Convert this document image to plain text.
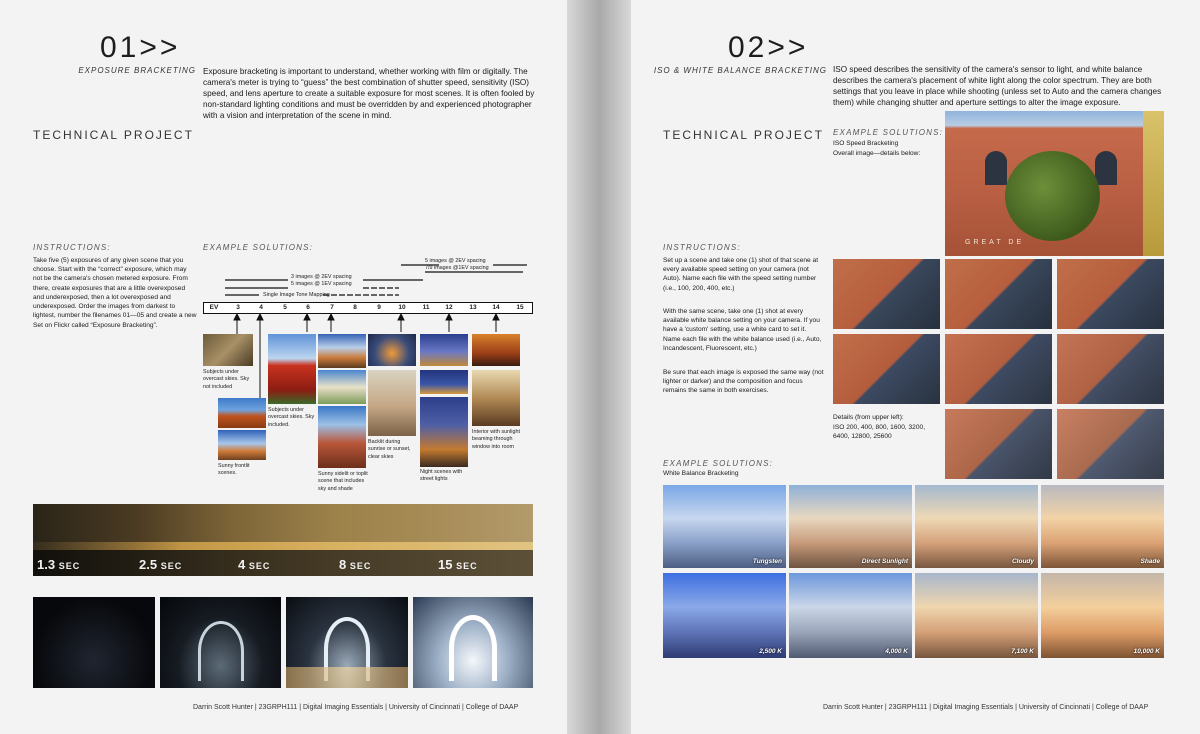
01>>
EXPOSURE BRACKETING Exposure bracketing is important to understand, whether working with film or digitally. The camera's meter is trying to “guess” the best combination of shutter speed, sensitivity (ISO) speed, and lens aperture to create a suitable exposure for most scenes. It is often fooled by non-standard lighting conditions and must be overridden by and experienced photographer with a vision and interpretation of the scene in mind.
TECHNICAL PROJECT
INSTRUCTIONS:
Take five (5) exposures of any given scene that you choose. Start with the “correct” exposure, which may not be the camera's chosen metered exposure. From there, create exposures that are a little overexposed and underexposed, then a lot overexposed and underexposed. Order the images from darkest to lightest, number the filenames 01—05 and create a new Set on Flickr called “Exposure Bracketing”.
EXAMPLE SOLUTIONS:
5 images @ 2EV spacing
7/9 images @1EV spacing
3 images @ 2EV spacing
5 images @ 1EV spacing
Single Image Tone Mapping
EV	3	4	5	6	7	8	9	10	11	12	13	14	15
Subjects under overcast skies. Sky not included
Sunny frontlit scenes.
Subjects under overcast skies. Sky included.
Sunny sidelit or toplit scene that includes sky and shade
Backlit during sunrise or sunset, clear skies
Night scenes with street lights
Interior with sunlight beaming through window into room
1.3 SEC	2.5 SEC	4 SEC	8 SEC	15 SEC
Darrin Scott Hunter | 23GRPH111 | Digital Imaging Essentials | University of Cincinnati | College of DAAP
02>>
ISO & WHITE BALANCE BRACKETING ISO speed describes the sensitivity of the camera's sensor to light, and white balance describes the camera's placement of white light along the color spectrum. They are both settings that you leave in place while shooting (unless set to Auto and the camera changes them) while changing shutter and aperture settings to alter the image exposure.
TECHNICAL PROJECT EXAMPLE SOLUTIONS:
ISO Speed Bracketing
Overall image—details below:
GREAT DE
INSTRUCTIONS:
Set up a scene and take one (1) shot of that scene at every available speed setting on your camera (not Auto). Name each file with the speed setting number (i.e., 100, 200, 400, etc.)
With the same scene, take one (1) shot at every available white balance setting on your camera. If you have a 'custom' setting, use a white card to set it. Name each file with the white balance used (i.e., Auto, Incandescent, Fluorescent, etc.)
Be sure that each image is exposed the same way (not lighter or darker) and the composition and focus remains the same in both exercises.
Details (from upper left):
ISO 200, 400, 800, 1600, 3200, 6400, 12800, 25600
EXAMPLE SOLUTIONS:
White Balance Bracketing
Tungsten	Direct Sunlight	Cloudy	Shade
2,500 K	4,000 K	7,100 K	10,000 K
Darrin Scott Hunter | 23GRPH111 | Digital Imaging Essentials | University of Cincinnati | College of DAAP
